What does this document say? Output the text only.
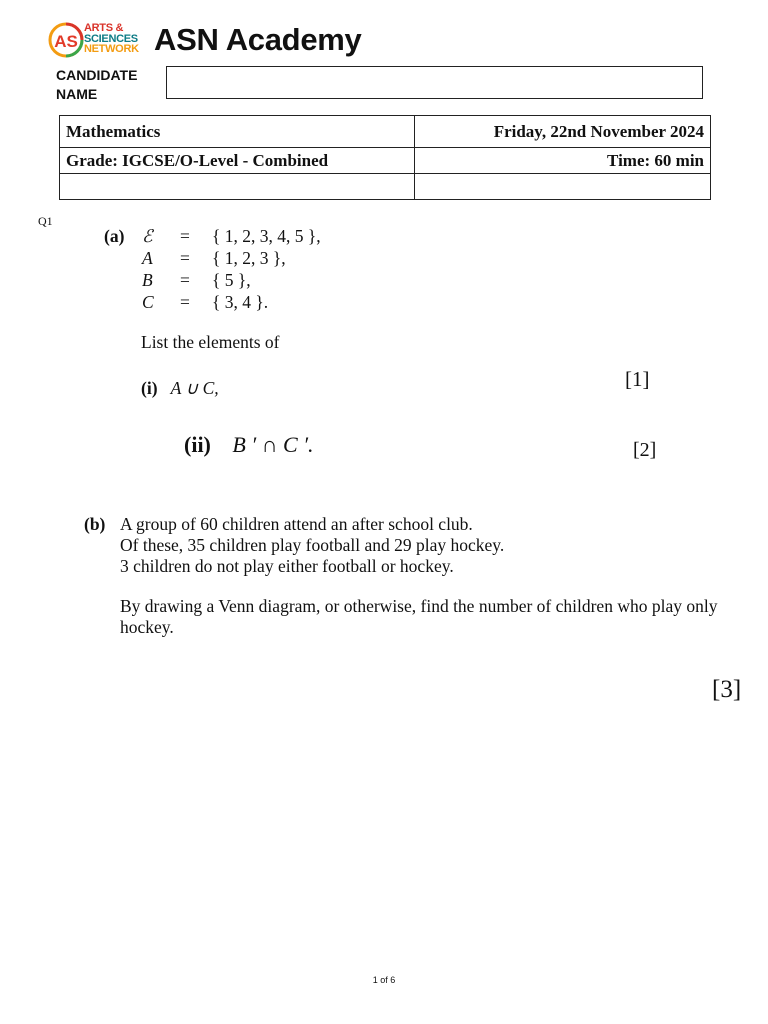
AS
ARTS &
SCIENCES
NETWORK ASN Academy
CANDIDATE NAME
Mathematics	Friday, 22nd November 2024
Grade: IGCSE/O-Level - Combined	Time: 60 min

Q1
(a) ℰ = { 1, 2, 3, 4, 5 },
A = { 1, 2, 3 },
B = { 5 },
C = { 3, 4 }.
List the elements of
(i) A ∪ C,	[1]
(ii) B ′ ∩ C ′.	[2]
(b) A group of 60 children attend an after school club.

Of these, 35 children play football and 29 play hockey.

3 children do not play either football or hockey.

By drawing a Venn diagram, or otherwise, find the number of children who play only hockey.

[3]
1 of 6
